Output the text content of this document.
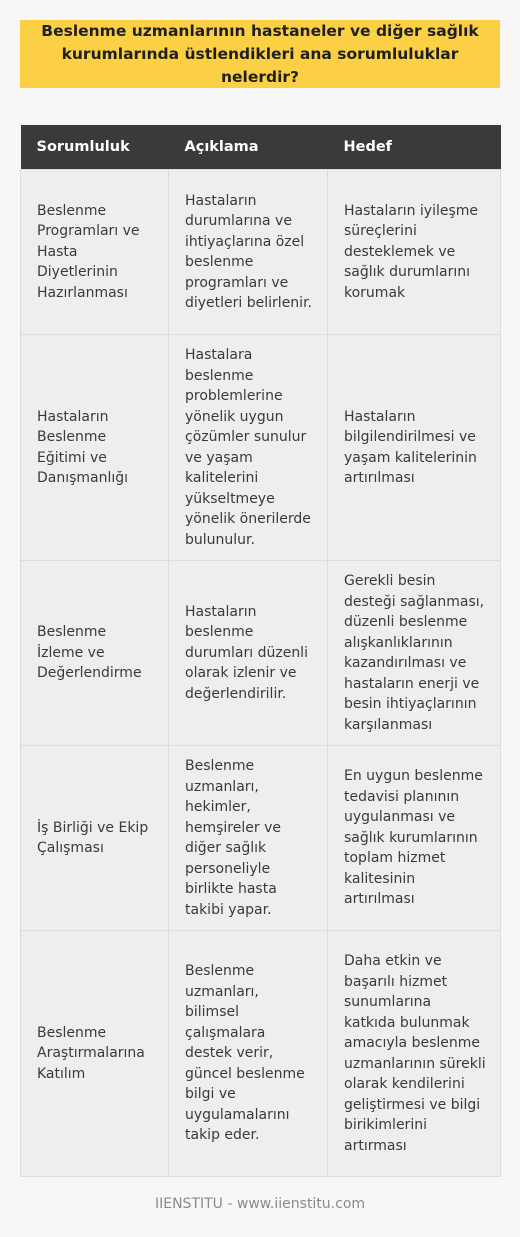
Beslenme uzmanlarının hastaneler ve diğer sağlık kurumlarında üstlendikleri ana sorumluluklar nelerdir?
Sorumluluk	Açıklama	Hedef
Beslenme Programları ve Hasta Diyetlerinin Hazırlanması	Hastaların durumlarına ve ihtiyaçlarına özel beslenme programları ve diyetleri belirlenir.	Hastaların iyileşme süreçlerini desteklemek ve sağlık durumlarını korumak
Hastaların Beslenme Eğitimi ve Danışmanlığı	Hastalara beslenme problemlerine yönelik uygun çözümler sunulur ve yaşam kalitelerini yükseltmeye yönelik önerilerde bulunulur.	Hastaların bilgilendirilmesi ve yaşam kalitelerinin artırılması
Beslenme İzleme ve Değerlendirme	Hastaların beslenme durumları düzenli olarak izlenir ve değerlendirilir.	Gerekli besin desteği sağlanması, düzenli beslenme alışkanlıklarının kazandırılması ve hastaların enerji ve besin ihtiyaçlarının karşılanması
İş Birliği ve Ekip Çalışması	Beslenme uzmanları, hekimler, hemşireler ve diğer sağlık personeliyle birlikte hasta takibi yapar.	En uygun beslenme tedavisi planının uygulanması ve sağlık kurumlarının toplam hizmet kalitesinin artırılması
Beslenme Araştırmalarına Katılım	Beslenme uzmanları, bilimsel çalışmalara destek verir, güncel beslenme bilgi ve uygulamalarını takip eder.	Daha etkin ve başarılı hizmet sunumlarına katkıda bulunmak amacıyla beslenme uzmanlarının sürekli olarak kendilerini geliştirmesi ve bilgi birikimlerini artırması
IIENSTITU - www.iienstitu.com
